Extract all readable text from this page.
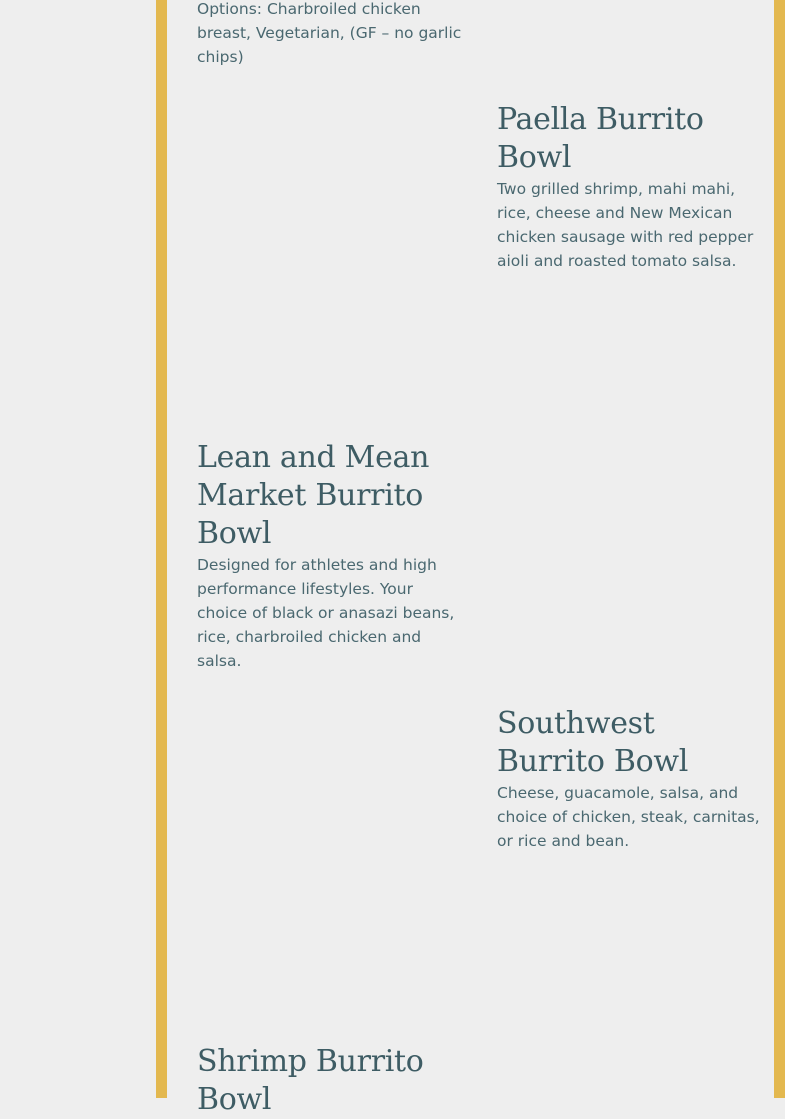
Options: Charbroiled chicken breast, Vegetarian, (GF – no garlic chips)

Paella Burrito Bowl

Two grilled shrimp, mahi mahi, rice, cheese and New Mexican chicken sausage with red pepper aioli and roasted tomato salsa.

Lean and Mean Market Burrito Bowl

Designed for athletes and high performance lifestyles. Your choice of black or anasazi beans, rice, charbroiled chicken and salsa.

Southwest Burrito Bowl

Cheese, guacamole, salsa, and choice of chicken, steak, carnitas, or rice and bean.

Shrimp Burrito Bowl
